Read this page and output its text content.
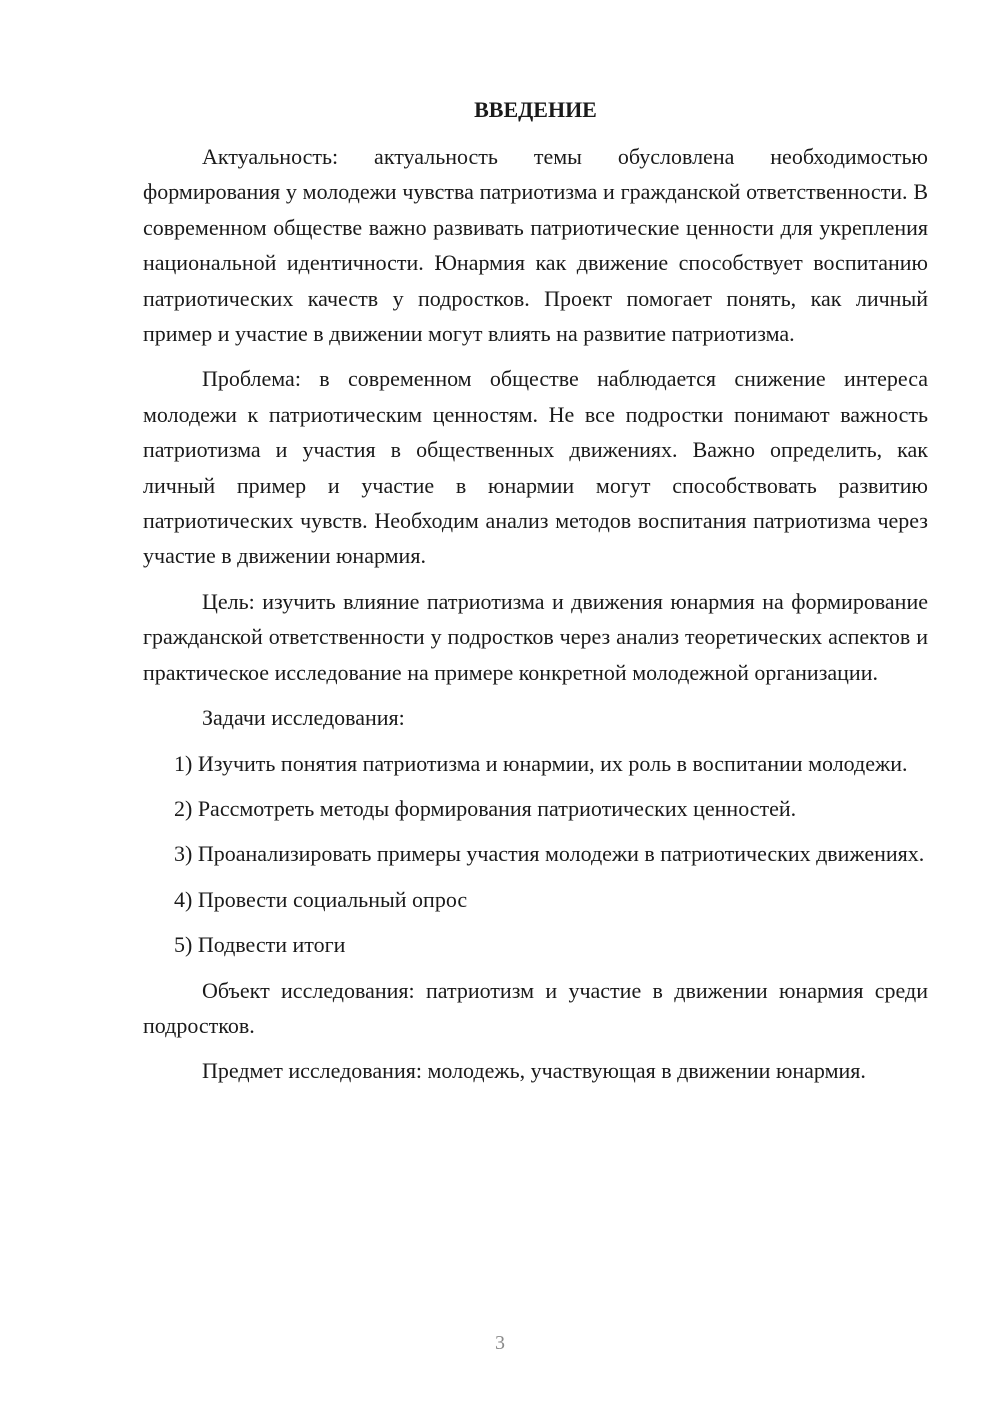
ВВЕДЕНИЕ

Актуальность: актуальность темы обусловлена необходимостью формирования у молодежи чувства патриотизма и гражданской ответственности. В современном обществе важно развивать патриотические ценности для укрепления национальной идентичности. Юнармия как движение способствует воспитанию патриотических качеств у подростков. Проект помогает понять, как личный пример и участие в движении могут влиять на развитие патриотизма.

Проблема: в современном обществе наблюдается снижение интереса молодежи к патриотическим ценностям. Не все подростки понимают важность патриотизма и участия в общественных движениях. Важно определить, как личный пример и участие в юнармии могут способствовать развитию патриотических чувств. Необходим анализ методов воспитания патриотизма через участие в движении юнармия.

Цель: изучить влияние патриотизма и движения юнармия на формирование гражданской ответственности у подростков через анализ теоретических аспектов и практическое исследование на примере конкретной молодежной организации.

Задачи исследования:

1) Изучить понятия патриотизма и юнармии, их роль в воспитании молодежи.
2) Рассмотреть методы формирования патриотических ценностей.
3) Проанализировать примеры участия молодежи в патриотических движениях.
4) Провести социальный опрос
5) Подвести итоги

Объект исследования: патриотизм и участие в движении юнармия среди подростков.

Предмет исследования: молодежь, участвующая в движении юнармия.

3
